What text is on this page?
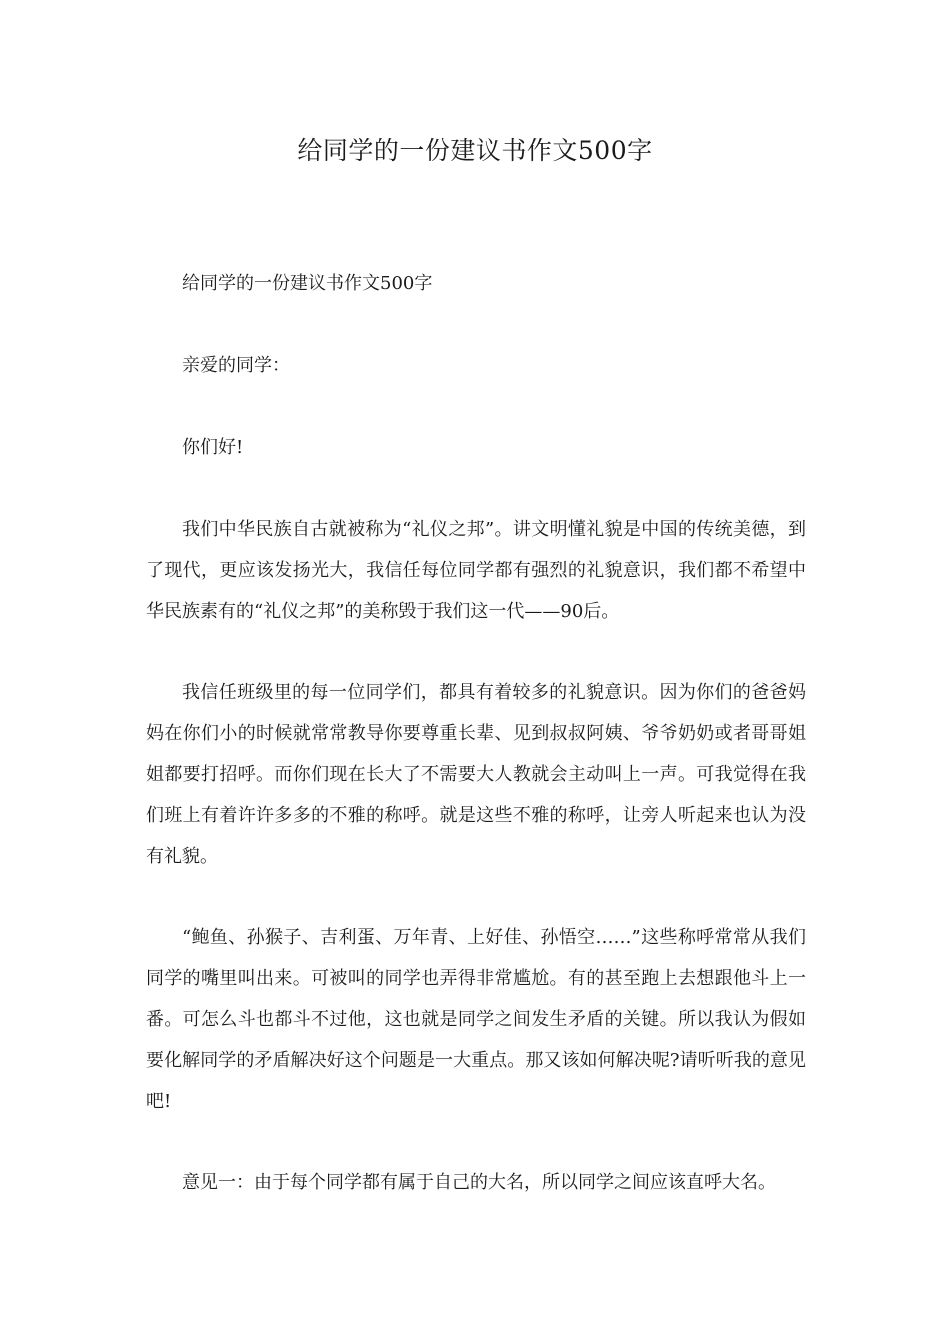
给同学的一份建议书作文500字

给同学的一份建议书作文500字

亲爱的同学：

你们好!

我们中华民族自古就被称为“礼仪之邦”。讲文明懂礼貌是中国的传统美德，到了现代，更应该发扬光大，我信任每位同学都有强烈的礼貌意识，我们都不希望中华民族素有的“礼仪之邦”的美称毁于我们这一代——90后。

我信任班级里的每一位同学们，都具有着较多的礼貌意识。因为你们的爸爸妈妈在你们小的时候就常常教导你要尊重长辈、见到叔叔阿姨、爷爷奶奶或者哥哥姐姐都要打招呼。而你们现在长大了不需要大人教就会主动叫上一声。可我觉得在我们班上有着许许多多的不雅的称呼。就是这些不雅的称呼，让旁人听起来也认为没有礼貌。

“鲍鱼、孙猴子、吉利蛋、万年青、上好佳、孙悟空……”这些称呼常常从我们同学的嘴里叫出来。可被叫的同学也弄得非常尴尬。有的甚至跑上去想跟他斗上一番。可怎么斗也都斗不过他，这也就是同学之间发生矛盾的关键。所以我认为假如要化解同学的矛盾解决好这个问题是一大重点。那又该如何解决呢?请听听我的意见吧!

意见一：由于每个同学都有属于自己的大名，所以同学之间应该直呼大名。
